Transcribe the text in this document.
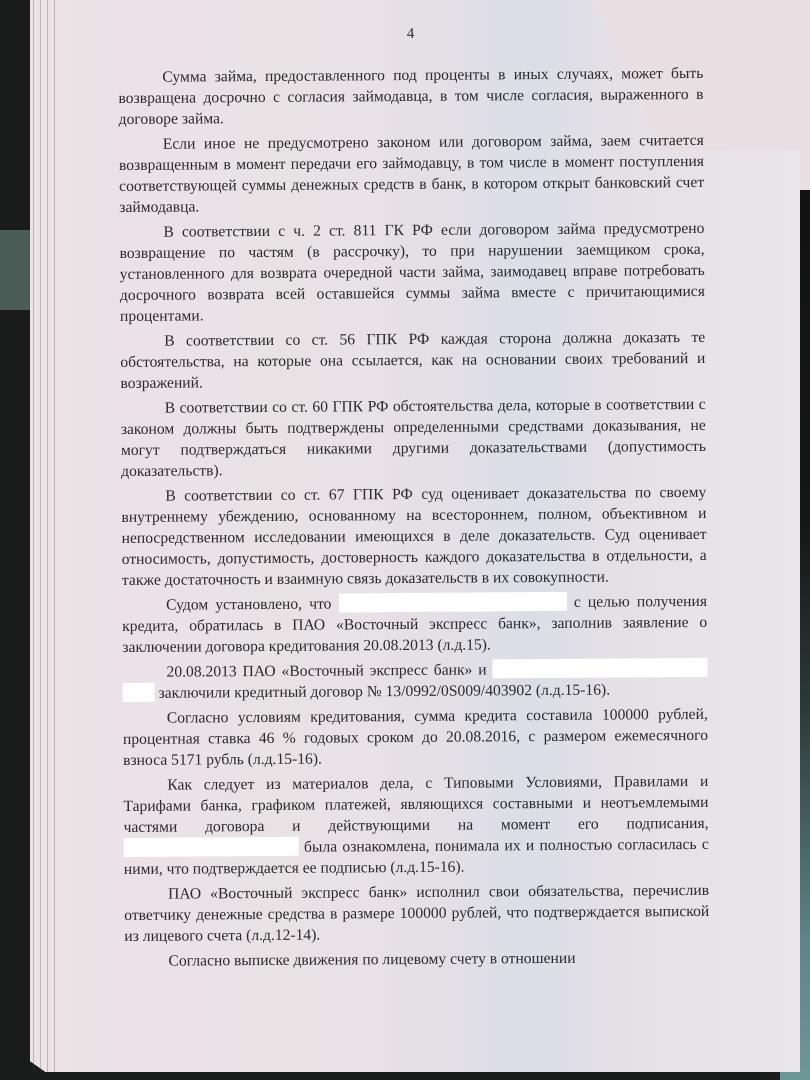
4

Сумма займа, предоставленного под проценты в иных случаях, может быть возвращена досрочно с согласия займодавца, в том числе согласия, выраженного в договоре займа.

Если иное не предусмотрено законом или договором займа, заем считается возвращенным в момент передачи его займодавцу, в том числе в момент поступления соответствующей суммы денежных средств в банк, в котором открыт банковский счет займодавца.

В соответствии с ч. 2 ст. 811 ГК РФ если договором займа предусмотрено возвращение по частям (в рассрочку), то при нарушении заемщиком срока, установленного для возврата очередной части займа, заимодавец вправе потребовать досрочного возврата всей оставшейся суммы займа вместе с причитающимися процентами.

В соответствии со ст. 56 ГПК РФ каждая сторона должна доказать те обстоятельства, на которые она ссылается, как на основании своих требований и возражений.

В соответствии со ст. 60 ГПК РФ обстоятельства дела, которые в соответствии с законом должны быть подтверждены определенными средствами доказывания, не могут подтверждаться никакими другими доказательствами (допустимость доказательств).

В соответствии со ст. 67 ГПК РФ суд оценивает доказательства по своему внутреннему убеждению, основанному на всестороннем, полном, объективном и непосредственном исследовании имеющихся в деле доказательств. Суд оценивает относимость, допустимость, достоверность каждого доказательства в отдельности, а также достаточность и взаимную связь доказательств в их совокупности.

Судом установлено, что	с целью получения кредита, обратилась в ПАО «Восточный экспресс банк», заполнив заявление о заключении договора кредитования 20.08.2013 (л.д.15).

20.08.2013 ПАО «Восточный экспресс банк» и   заключили кредитный договор № 13/0992/0S009/403902 (л.д.15-16).

Согласно условиям кредитования, сумма кредита составила 100000 рублей, процентная ставка 46 % годовых сроком до 20.08.2016, с размером ежемесячного взноса 5171 рубль (л.д.15-16).

Как следует из материалов дела, с Типовыми Условиями, Правилами и Тарифами банка, графиком платежей, являющихся составными и неотъемлемыми частями договора и действующими на момент его подписания,  была ознакомлена, понимала их и полностью согласилась с ними, что подтверждается ее подписью (л.д.15-16).

ПАО «Восточный экспресс банк» исполнил свои обязательства, перечислив ответчику денежные средства в размере 100000 рублей, что подтверждается выпиской из лицевого счета (л.д.12-14).

Согласно выписке движения по лицевому счету в отношении
